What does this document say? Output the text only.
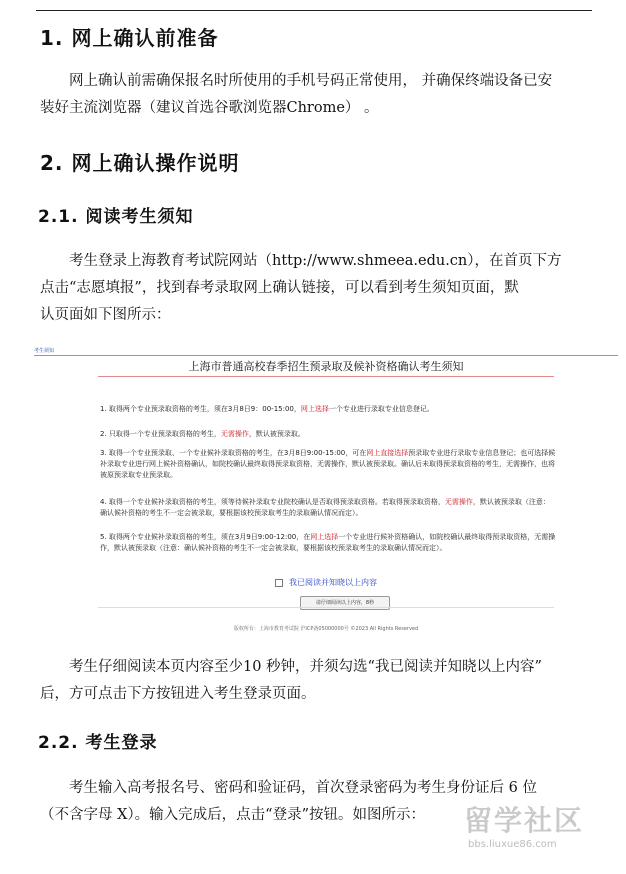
1. 网上确认前准备
网上确认前需确保报名时所使用的手机号码正常使用， 并确保终端设备已安
装好主流浏览器（建议首选谷歌浏览器Chrome） 。
2. 网上确认操作说明
2.1. 阅读考生须知
考生登录上海教育考试院网站（http://www.shmeea.edu.cn），在首页下方
点击“志愿填报”，找到春考录取网上确认链接，可以看到考生须知页面，默
认页面如下图所示：
考生须知
上海市普通高校春季招生预录取及候补资格确认考生须知
1. 取得两个专业预录取资格的考生，须在3月8日9：00-15:00，网上选择一个专业进行录取专业信息登记。
2. 只取得一个专业预录取资格的考生，无需操作，默认被预录取。
3. 取得一个专业预录取、一个专业候补录取资格的考生，在3月8日9:00-15:00，可在网上直接选择预录取专业进行录取专业信息登记；也可选择候补录取专业进行网上候补资格确认，如院校确认最终取得预录取资格，无需操作，默认被预录取。确认后未取得预录取资格的考生，无需操作，也将被原预录取专业预录取。
4. 取得一个专业候补录取资格的考生，须等待候补录取专业院校确认是否取得预录取资格。若取得预录取资格，无需操作，默认被预录取（注意：确认候补资格的考生不一定会被录取，要根据该校预录取考生的录取确认情况而定）。
5. 取得两个专业候补录取资格的考生，须在3月9日9:00-12:00，在网上选择一个专业进行候补资格确认，如院校确认最终取得预录取资格，无需操作，默认被预录取（注意：确认候补资格的考生不一定会被录取，要根据该校预录取考生的录取确认情况而定）。
我已阅读并知晓以上内容
请仔细阅读以上内容，8秒
版权所有：上海市教育考试院 沪ICP备05000000号 ©2023 All Rights Reserved
考生仔细阅读本页内容至少10 秒钟，并须勾选“我已阅读并知晓以上内容”
后，方可点击下方按钮进入考生登录页面。
2.2. 考生登录
考生输入高考报名号、密码和验证码，首次登录密码为考生身份证后 6 位
（不含字母 X）。输入完成后，点击“登录”按钮。如图所示：	留学社区
bbs.liuxue86.com
